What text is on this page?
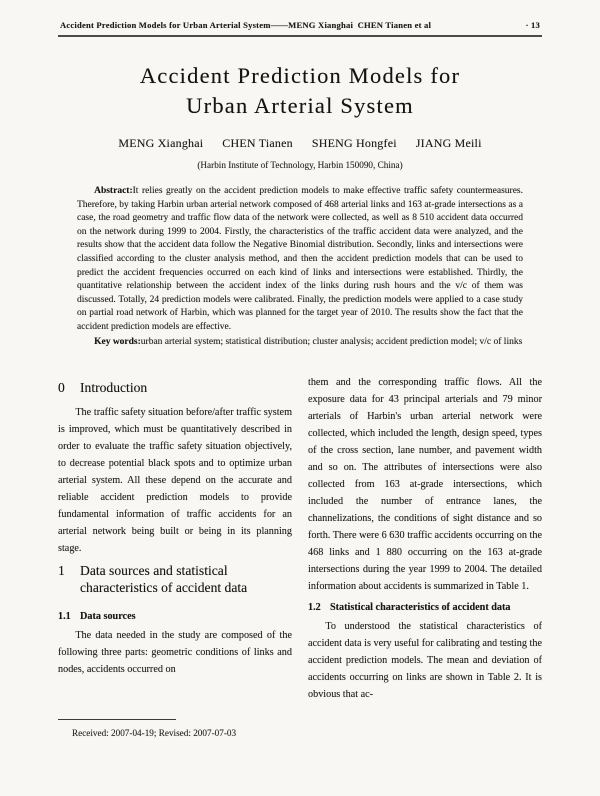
Accident Prediction Models for Urban Arterial System——MENG Xianghai CHEN Tianen et al	· 13
Accident Prediction Models for
Urban Arterial System
MENG Xianghai CHEN Tianen SHENG Hongfei JIANG Meili
(Harbin Institute of Technology, Harbin 150090, China)

Abstract:It relies greatly on the accident prediction models to make effective traffic safety countermeasures. Therefore, by taking Harbin urban arterial network composed of 468 arterial links and 163 at-grade intersections as a case, the road geometry and traffic flow data of the network were collected, as well as 8 510 accident data occurred on the network during 1999 to 2004. Firstly, the characteristics of the traffic accident data were analyzed, and the results show that the accident data follow the Negative Binomial distribution. Secondly, links and intersections were classified according to the cluster analysis method, and then the accident prediction models that can be used to predict the accident frequencies occurred on each kind of links and intersections were established. Thirdly, the quantitative relationship between the accident index of the links during rush hours and the v/c of them was discussed. Totally, 24 prediction models were calibrated. Finally, the prediction models were applied to a case study on partial road network of Harbin, which was planned for the target year of 2010. The results show the fact that the accident prediction models are effective.

Key words:urban arterial system; statistical distribution; cluster analysis; accident prediction model; v/c of links

0	Introduction

The traffic safety situation before/after traffic system is improved, which must be quantitatively described in order to evaluate the traffic safety situation objectively, to decrease potential black spots and to optimize urban arterial system. All these depend on the accurate and reliable accident prediction models to provide fundamental information of traffic accidents for an arterial network being built or being in its planning stage.

1	Data sources and statistical characteristics of accident data
1.1 Data sources

The data needed in the study are composed of the following three parts: geometric conditions of links and nodes, accidents occurred on

Received: 2007-04-19; Revised: 2007-07-03

them and the corresponding traffic flows. All the exposure data for 43 principal arterials and 79 minor arterials of Harbin's urban arterial network were collected, which included the length, design speed, types of the cross section, lane number, and pavement width and so on. The attributes of intersections were also collected from 163 at-grade intersections, which included the number of entrance lanes, the channelizations, the conditions of sight distance and so forth. There were 6 630 traffic accidents occurring on the 468 links and 1 880 occurring on the 163 at-grade intersections during the year 1999 to 2004. The detailed information about accidents is summarized in Table 1.

1.2 Statistical characteristics of accident data

To understood the statistical characteristics of accident data is very useful for calibrating and testing the accident prediction models. The mean and deviation of accidents occurring on links are shown in Table 2. It is obvious that ac-
